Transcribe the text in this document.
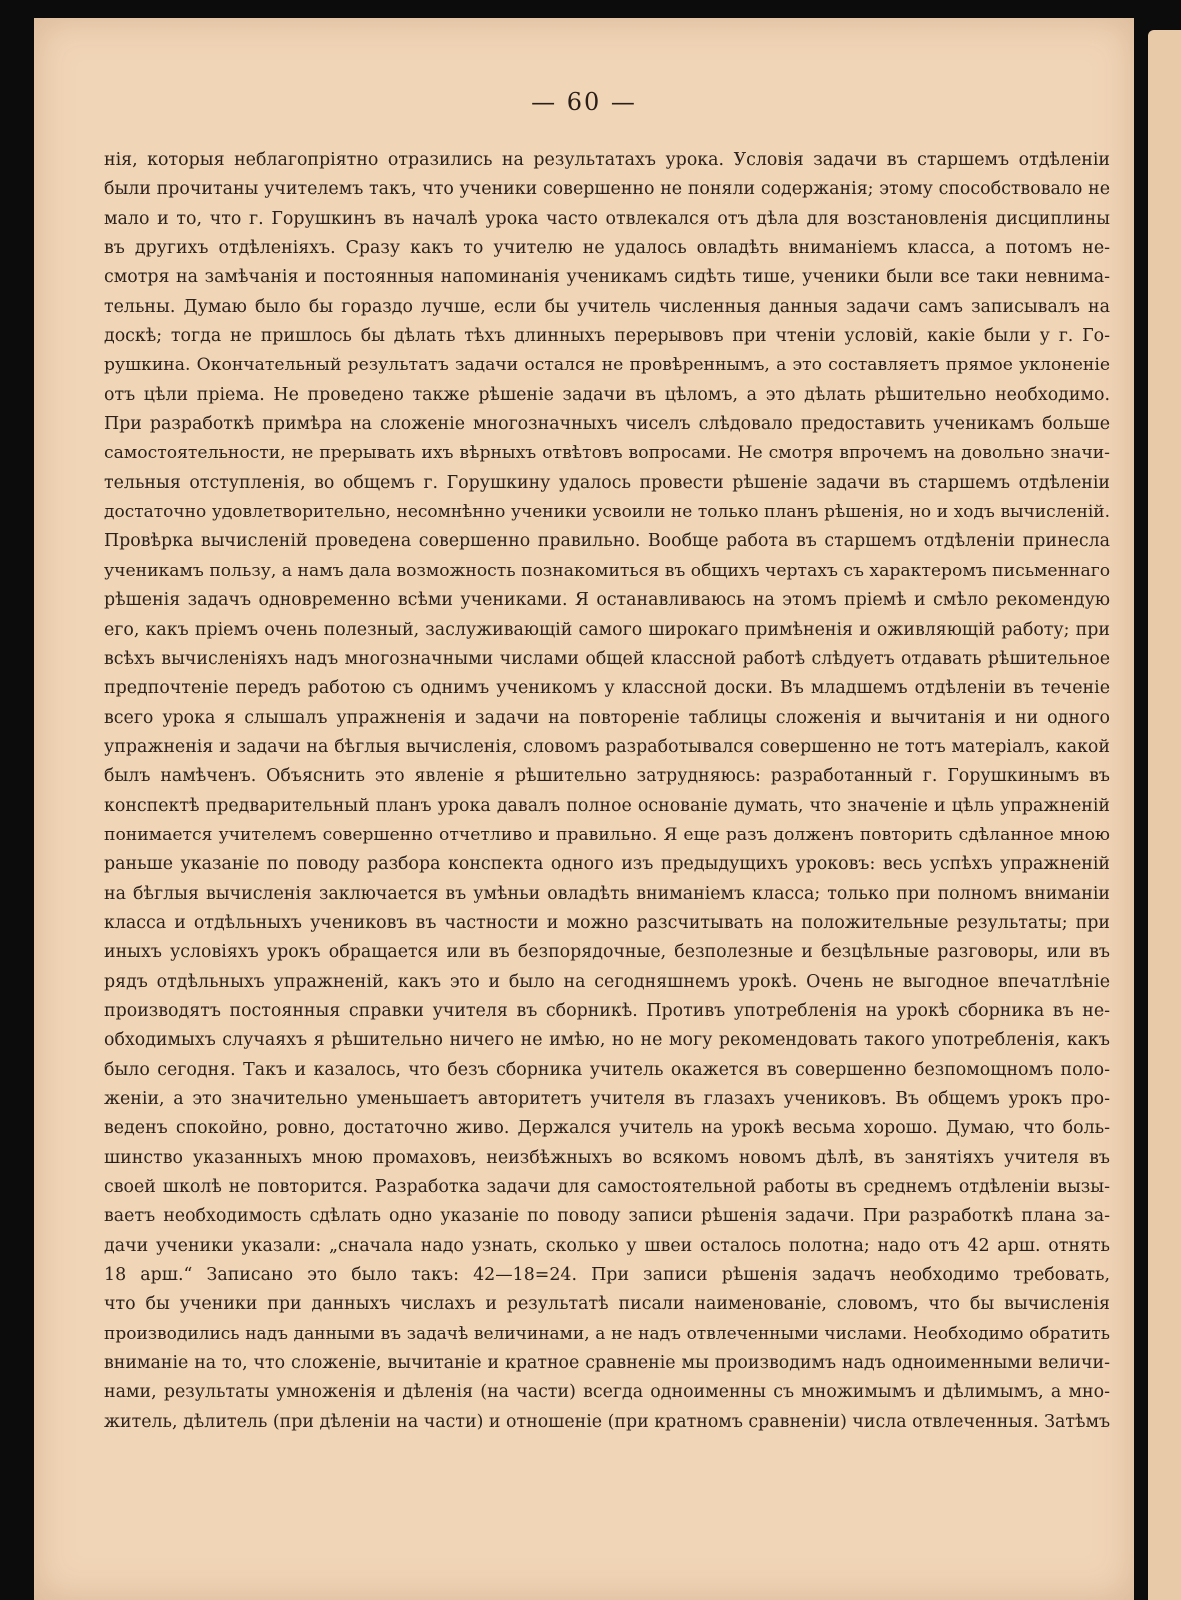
— 60 —
нія, которыя неблагопріятно отразились на результатахъ урока. Условія задачи въ старшемъ отдѣленіи
были прочитаны учителемъ такъ, что ученики совершенно не поняли содержанія; этому способствовало не
мало и то, что г. Горушкинъ въ началѣ урока часто отвлекался отъ дѣла для возстановленія дисциплины
въ другихъ отдѣленіяхъ. Сразу какъ то учителю не удалось овладѣть вниманіемъ класса, а потомъ не-
смотря на замѣчанія и постоянныя напоминанія ученикамъ сидѣть тише, ученики были все таки невнима-
тельны. Думаю было бы гораздо лучше, если бы учитель численныя данныя задачи самъ записывалъ на
доскѣ; тогда не пришлось бы дѣлать тѣхъ длинныхъ перерывовъ при чтеніи условій, какіе были у г. Го-
рушкина. Окончательный результатъ задачи остался не провѣреннымъ, а это составляетъ прямое уклоненіе
отъ цѣли пріема. Не проведено также рѣшеніе задачи въ цѣломъ, а это дѣлать рѣшительно необходимо.
При разработкѣ примѣра на сложеніе многозначныхъ чиселъ слѣдовало предоставить ученикамъ больше
самостоятельности, не прерывать ихъ вѣрныхъ отвѣтовъ вопросами. Не смотря впрочемъ на довольно значи-
тельныя отступленія, во общемъ г. Горушкину удалось провести рѣшеніе задачи въ старшемъ отдѣленіи
достаточно удовлетворительно, несомнѣнно ученики усвоили не только планъ рѣшенія, но и ходъ вычисленій.
Провѣрка вычисленій проведена совершенно правильно. Вообще работа въ старшемъ отдѣленіи принесла
ученикамъ пользу, а намъ дала возможность познакомиться въ общихъ чертахъ съ характеромъ письменнаго
рѣшенія задачъ одновременно всѣми учениками. Я останавливаюсь на этомъ пріемѣ и смѣло рекомендую
его, какъ пріемъ очень полезный, заслуживающій самого широкаго примѣненія и оживляющій работу; при
всѣхъ вычисленіяхъ надъ многозначными числами общей классной работѣ слѣдуетъ отдавать рѣшительное
предпочтеніе передъ работою съ однимъ ученикомъ у классной доски. Въ младшемъ отдѣленіи въ теченіе
всего урока я слышалъ упражненія и задачи на повтореніе таблицы сложенія и вычитанія и ни одного
упражненія и задачи на бѣглыя вычисленія, словомъ разработывался совершенно не тотъ матеріалъ, какой
былъ намѣченъ. Объяснить это явленіе я рѣшительно затрудняюсь: разработанный г. Горушкинымъ въ
конспектѣ предварительный планъ урока давалъ полное основаніе думать, что значеніе и цѣль упражненій
понимается учителемъ совершенно отчетливо и правильно. Я еще разъ долженъ повторить сдѣланное мною
раньше указаніе по поводу разбора конспекта одного изъ предыдущихъ уроковъ: весь успѣхъ упражненій
на бѣглыя вычисленія заключается въ умѣньи овладѣть вниманіемъ класса; только при полномъ вниманіи
класса и отдѣльныхъ учениковъ въ частности и можно разсчитывать на положительные результаты; при
иныхъ условіяхъ урокъ обращается или въ безпорядочные, безполезные и безцѣльные разговоры, или въ
рядъ отдѣльныхъ упражненій, какъ это и было на сегодняшнемъ урокѣ. Очень не выгодное впечатлѣніе
производятъ постоянныя справки учителя въ сборникѣ. Противъ употребленія на урокѣ сборника въ не-
обходимыхъ случаяхъ я рѣшительно ничего не имѣю, но не могу рекомендовать такого употребленія, какъ
было сегодня. Такъ и казалось, что безъ сборника учитель окажется въ совершенно безпомощномъ поло-
женіи, а это значительно уменьшаетъ авторитетъ учителя въ глазахъ учениковъ. Въ общемъ урокъ про-
веденъ спокойно, ровно, достаточно живо. Держался учитель на урокѣ весьма хорошо. Думаю, что боль-
шинство указанныхъ мною промаховъ, неизбѣжныхъ во всякомъ новомъ дѣлѣ, въ занятіяхъ учителя въ
своей школѣ не повторится. Разработка задачи для самостоятельной работы въ среднемъ отдѣленіи вызы-
ваетъ необходимость сдѣлать одно указаніе по поводу записи рѣшенія задачи. При разработкѣ плана за-
дачи ученики указали: „сначала надо узнать, сколько у швеи осталось полотна; надо отъ 42 арш. отнять
18 арш.“ Записано это было такъ: 42—18=24. При записи рѣшенія задачъ необходимо требовать,
что бы ученики при данныхъ числахъ и результатѣ писали наименованіе, словомъ, что бы вычисленія
производились надъ данными въ задачѣ величинами, а не надъ отвлеченными числами. Необходимо обратить
вниманіе на то, что сложеніе, вычитаніе и кратное сравненіе мы производимъ надъ одноименными величи-
нами, результаты умноженія и дѣленія (на части) всегда одноименны съ множимымъ и дѣлимымъ, а мно-
житель, дѣлитель (при дѣленіи на части) и отношеніе (при кратномъ сравненіи) числа отвлеченныя. Затѣмъ
